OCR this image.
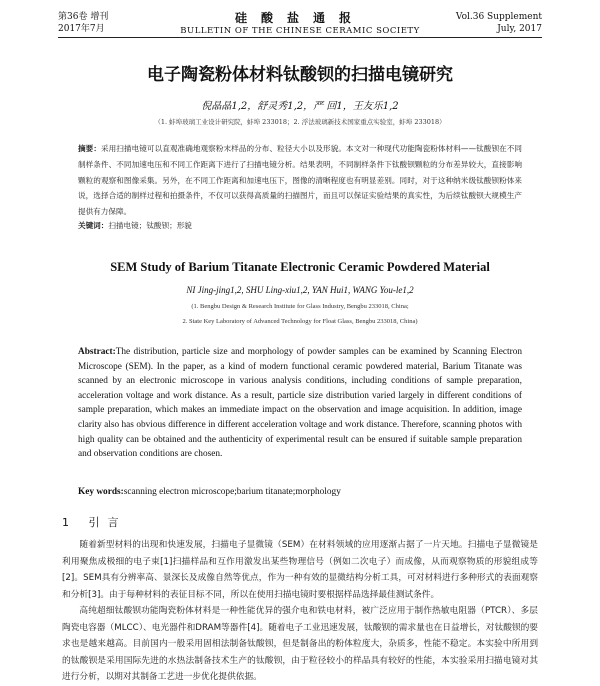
第36卷 增刊
2017年7月
硅酸盐通报
BULLETIN OF THE CHINESE CERAMIC SOCIETY
Vol.36 Supplement
July, 2017
电子陶瓷粉体材料钛酸钡的扫描电镜研究
倪晶晶1,2，舒灵秀1,2，严 回1，王友乐1,2
（1. 蚌埠玻璃工业设计研究院，蚌埠 233018；2. 浮法玻璃新技术国家重点实验室，蚌埠 233018）
摘要：采用扫描电镜可以直观准确地观察粉末样品的分布、粒径大小以及形貌。本文对一种现代功能陶瓷粉体材料——钛酸钡在不同制样条件、不同加速电压和不同工作距离下进行了扫描电镜分析。结果表明，不同制样条件下钛酸钡颗粒的分布差异较大，直接影响颗粒的观察和图像采集。另外，在不同工作距离和加速电压下，图像的清晰程度也有明显差别。同时，对于这种纳米级钛酸钡粉体来说，选择合适的制样过程和拍摄条件，不仅可以获得高质量的扫描图片，而且可以保证实验结果的真实性，为后续钛酸钡大规模生产提供有力保障。
关键词：扫描电镜；钛酸钡；形貌
SEM Study of Barium Titanate Electronic Ceramic Powdered Material
NI Jing-jing1,2, SHU Ling-xiu1,2, YAN Hui1, WANG You-le1,2
(1. Bengbu Design & Research Institute for Glass Industry, Bengbu 233018, China;
2. State Key Laboratory of Advanced Technology for Float Glass, Bengbu 233018, China)
Abstract:The distribution, particle size and morphology of powder samples can be examined by Scanning Electron Microscope (SEM). In the paper, as a kind of modern functional ceramic powdered material, Barium Titanate was scanned by an electronic microscope in various analysis conditions, including conditions of sample preparation, acceleration voltage and work distance. As a result, particle size distribution varied largely in different conditions of sample preparation, which makes an immediate impact on the observation and image acquisition. In addition, image clarity also has obvious difference in different acceleration voltage and work distance. Therefore, scanning photos with high quality can be obtained and the authenticity of experimental result can be ensured if suitable sample preparation and observation conditions are chosen.
Key words:scanning electron microscope;barium titanate;morphology
1 引言

随着新型材料的出现和快速发展，扫描电子显微镜（SEM）在材料领域的应用逐渐占据了一片天地。扫描电子显微镜是利用聚焦成极细的电子束[1]扫描样品和互作用激发出某些物理信号（例如二次电子）而成像，从而观察物质的形貌组成等[2]。SEM具有分辨率高、景深长及成像自然等优点，作为一种有效的显微结构分析工具，可对材料进行多种形式的表面观察和分析[3]。由于每种材料的表征目标不同，所以在使用扫描电镜时要根据样品选择最佳测试条件。

高纯超细钛酸钡功能陶瓷粉体材料是一种性能优异的强介电和铁电材料，被广泛应用于制作热敏电阻器（PTCR）、多层陶瓷电容器（MLCC）、电光器件和DRAM等器件[4]。随着电子工业迅速发展，钛酸钡的需求量也在日益增长，对钛酸钡的要求也是越来越高。目前国内一般采用固相法制备钛酸钡，但是制备出的粉体粒度大，杂质多，性能不稳定。本实验中所用到的钛酸钡是采用国际先进的水热法制备技术生产的钛酸钡，由于粒径较小的样品具有较好的性能，本实验采用扫描电镜对其进行分析，以期对其制备工艺进一步优化提供依据。
